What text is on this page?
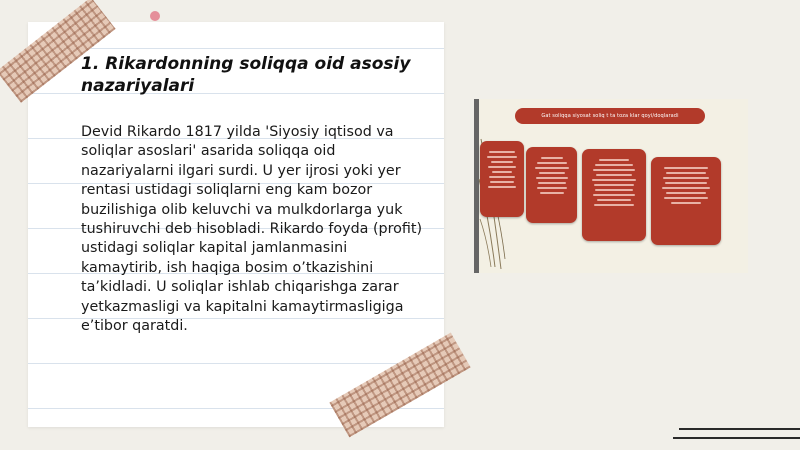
1. Rikardonning soliqqa oid asosiy nazariyalari
Devid Rikardo 1817 yilda 'Siyosiy iqtisod va soliqlar asoslari' asarida soliqqa oid nazariyalarni ilgari surdi. U yer ijrosi yoki yer rentasi ustidagi soliqlarni eng kam bozor buzilishiga olib keluvchi va mulkdorlarga yuk tushiruvchi deb hisobladi. Rikardo foyda (profit) ustidagi soliqlar kapital jamlanmasini kamaytirib, ish haqiga bosim o’tkazishini ta’kidladi. U soliqlar ishlab chiqarishga zarar yetkazmasligi va kapitalni kamaytirmasligiga e’tibor qaratdi.
Gat soliqqa siyosat soliq t ta toza klar qoyi/doqlaradi
